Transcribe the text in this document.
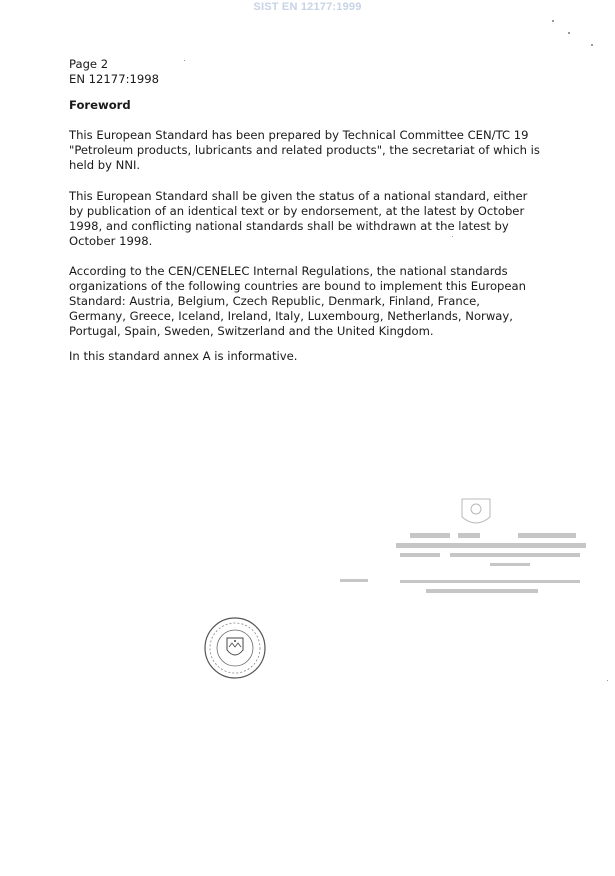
SIST EN 12177:1999
Page 2
EN 12177:1998
Foreword
This European Standard has been prepared by Technical Committee CEN/TC 19
"Petroleum products, lubricants and related products", the secretariat of which is
held by NNI.
This European Standard shall be given the status of a national standard, either
by publication of an identical text or by endorsement, at the latest by October
1998, and conflicting national standards shall be withdrawn at the latest by
October 1998.
According to the CEN/CENELEC Internal Regulations, the national standards
organizations of the following countries are bound to implement this European
Standard: Austria, Belgium, Czech Republic, Denmark, Finland, France,
Germany, Greece, Iceland, Ireland, Italy, Luxembourg, Netherlands, Norway,
Portugal, Spain, Sweden, Switzerland and the United Kingdom.
In this standard annex A is informative.
